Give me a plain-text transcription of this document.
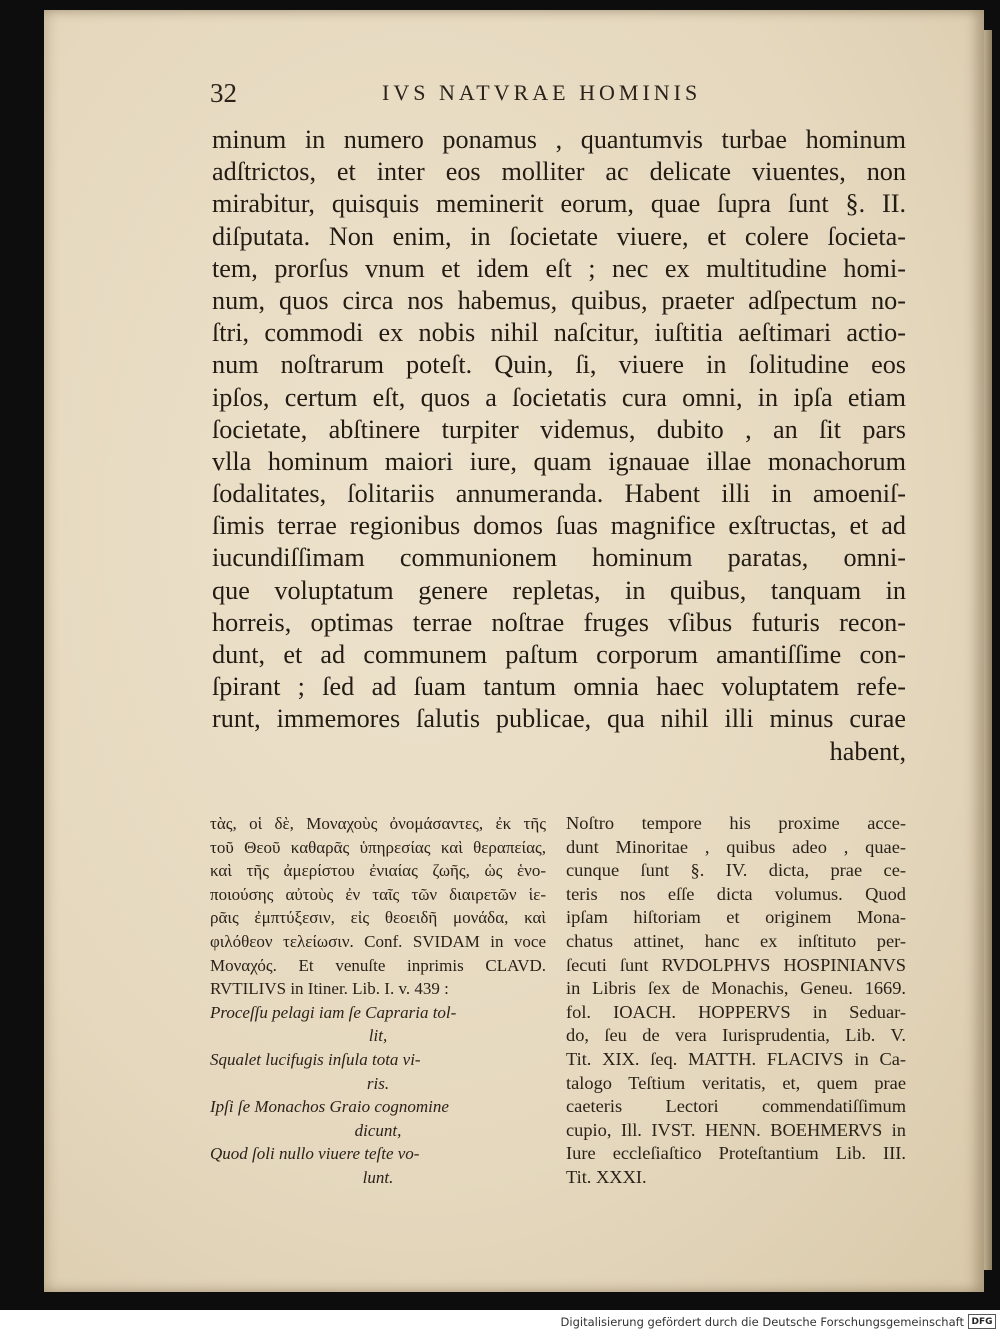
32	IVS NATVRAE HOMINIS
minum in numero ponamus , quantumvis turbae hominum
adſtrictos, et inter eos molliter ac delicate viuentes, non
mirabitur, quisquis meminerit eorum, quae ſupra ſunt §. II.
diſputata. Non enim, in ſocietate viuere, et colere ſocieta-
tem, prorſus vnum et idem eſt ; nec ex multitudine homi-
num, quos circa nos habemus, quibus, praeter adſpectum no-
ſtri, commodi ex nobis nihil naſcitur, iuſtitia aeſtimari actio-
num noſtrarum poteſt. Quin, ſi, viuere in ſolitudine eos
ipſos, certum eſt, quos a ſocietatis cura omni, in ipſa etiam
ſocietate, abſtinere turpiter videmus, dubito , an ſit pars
vlla hominum maiori iure, quam ignauae illae monachorum
ſodalitates, ſolitariis annumeranda. Habent illi in amoeniſ-
ſimis terrae regionibus domos ſuas magnifice exſtructas, et ad
iucundiſſimam communionem hominum paratas, omni-
que voluptatum genere repletas, in quibus, tanquam in
horreis, optimas terrae noſtrae fruges vſibus futuris recon-
dunt, et ad communem paſtum corporum amantiſſime con-
ſpirant ; ſed ad ſuam tantum omnia haec voluptatem refe-
runt, immemores ſalutis publicae, qua nihil illi minus curae
habent,
τὰς, οἱ δὲ, Μοναχοὺς ὀνομάσαντες, ἐκ τῆς
τοῦ Θεοῦ καθαρᾶς ὑπηρεσίας καὶ θεραπείας,
καὶ τῆς ἀμερίστου ἐνιαίας ζωῆς, ὡς ἑνο-
ποιούσης αὐτοὺς ἐν ταῖς τῶν διαιρετῶν ἱε-
ρᾶις ἐμπτύξεσιν, εἰς θεοειδῆ μονάδα, καὶ
φιλόθεον τελείωσιν. Conf. SVIDAM in voce
Μοναχός. Et venuſte inprimis CLAVD.
RVTILIVS in Itiner. Lib. I. v. 439 :
Proceſſu pelagi iam ſe Capraria tol-
lit,
Squalet lucifugis inſula tota vi-
ris.
Ipſi ſe Monachos Graio cognomine
dicunt,
Quod ſoli nullo viuere teſte vo-
lunt.
Noſtro tempore his proxime acce-
dunt Minoritae , quibus adeo , quae-
cunque ſunt §. IV. dicta, prae ce-
teris nos eſſe dicta volumus. Quod
ipſam hiſtoriam et originem Mona-
chatus attinet, hanc ex inſtituto per-
ſecuti ſunt RVDOLPHVS HOSPINIANVS
in Libris ſex de Monachis, Geneu. 1669.
fol. IOACH. HOPPERVS in Seduar-
do, ſeu de vera Iurisprudentia, Lib. V.
Tit. XIX. ſeq. MATTH. FLACIVS in Ca-
talogo Teſtium veritatis, et, quem prae
caeteris Lectori commendatiſſimum
cupio, Ill. IVST. HENN. BOEHMERVS in
Iure eccleſiaſtico Proteſtantium Lib. III.
Tit. XXXI.
Digitalisierung gefördert durch die Deutsche Forschungsgemeinschaft DFG
